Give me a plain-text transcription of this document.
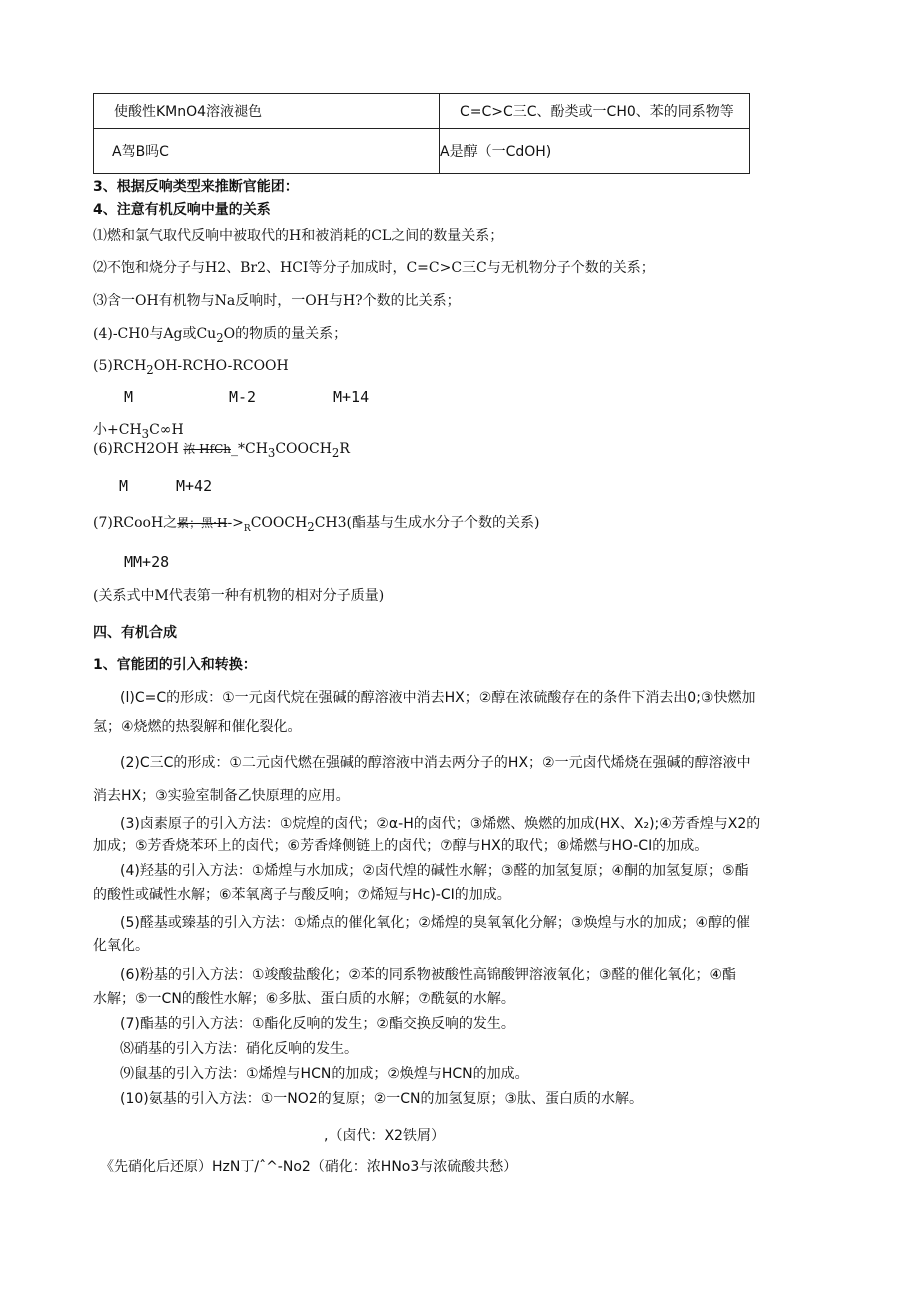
使酸性KMnO4溶液褪色	C=C>C三C、酚类或一CH0、苯的同系物等
A驾B吗C	A是醇（一CdOH)
3、根据反响类型来推断官能团：
4、注意有机反响中量的关系
⑴燃和氯气取代反响中被取代的H和被消耗的CL之间的数量关系；
⑵不饱和烧分子与H2、Br2、HCI等分子加成时，C=C>C三C与无机物分子个数的关系；
⑶含一OH有机物与Na反响时，一OH与H?个数的比关系；
(4)-CH0与Ag或$Cu_2O$的物质的量关系；
$(5)RCH_2OH-RCHO$-RCOOH
M	M-2	M+14
小$+CH_3C\infty H$
(6)RCH2OH 浓 $HfCh\_*CH_3COOCH_2R$
M	M+42
(7)RCooH之累；黑$\cdot H->_RCOOCH_2CH3$(酯基与生成水分子个数的关系)
MM+28
(关系式中M代表第一种有机物的相对分子质量)
四、有机合成
1、官能团的引入和转换：
(l)C=C的形成：①一元卤代烷在强碱的醇溶液中消去HX；②醇在浓硫酸存在的条件下消去出0;③快燃加
氢；④烧燃的热裂解和催化裂化。
(2)C三C的形成：①二元卤代燃在强碱的醇溶液中消去两分子的HX；②一元卤代烯烧在强碱的醇溶液中
消去HX；③实验室制备乙快原理的应用。
(3)卤素原子的引入方法：①烷煌的卤代；②α-H的卤代；③烯燃、焕燃的加成(HX、X₂);④芳香煌与X2的
加成；⑤芳香烧苯环上的卤代；⑥芳香烽侧链上的卤代；⑦醇与HX的取代；⑧烯燃与HO-CI的加成。
(4)羟基的引入方法：①烯煌与水加成；②卤代煌的碱性水解；③醛的加氢复原；④酮的加氢复原；⑤酯
的酸性或碱性水解；⑥苯氧离子与酸反响；⑦烯短与Hc)-CI的加成。
(5)醛基或臻基的引入方法：①烯点的催化氧化；②烯煌的臭氧氧化分解；③焕煌与水的加成；④醇的催
化氧化。
(6)粉基的引入方法：①竣酸盐酸化；②苯的同系物被酸性高锦酸钾溶液氧化；③醛的催化氧化；④酯
水解；⑤一CN的酸性水解；⑥多肽、蛋白质的水解；⑦酰氨的水解。
(7)酯基的引入方法：①酯化反响的发生；②酯交换反响的发生。
⑻硝基的引入方法：硝化反响的发生。
⑼鼠基的引入方法：①烯煌与HCN的加成；②焕煌与HCN的加成。
(10)氨基的引入方法：①一NO2的复原；②一CN的加氢复原；③肽、蛋白质的水解。
,（卤代：X2铁屑）
《先硝化后还原）HzN丁/ˆ^-No2（硝化：浓HNo3与浓硫酸共愁）
